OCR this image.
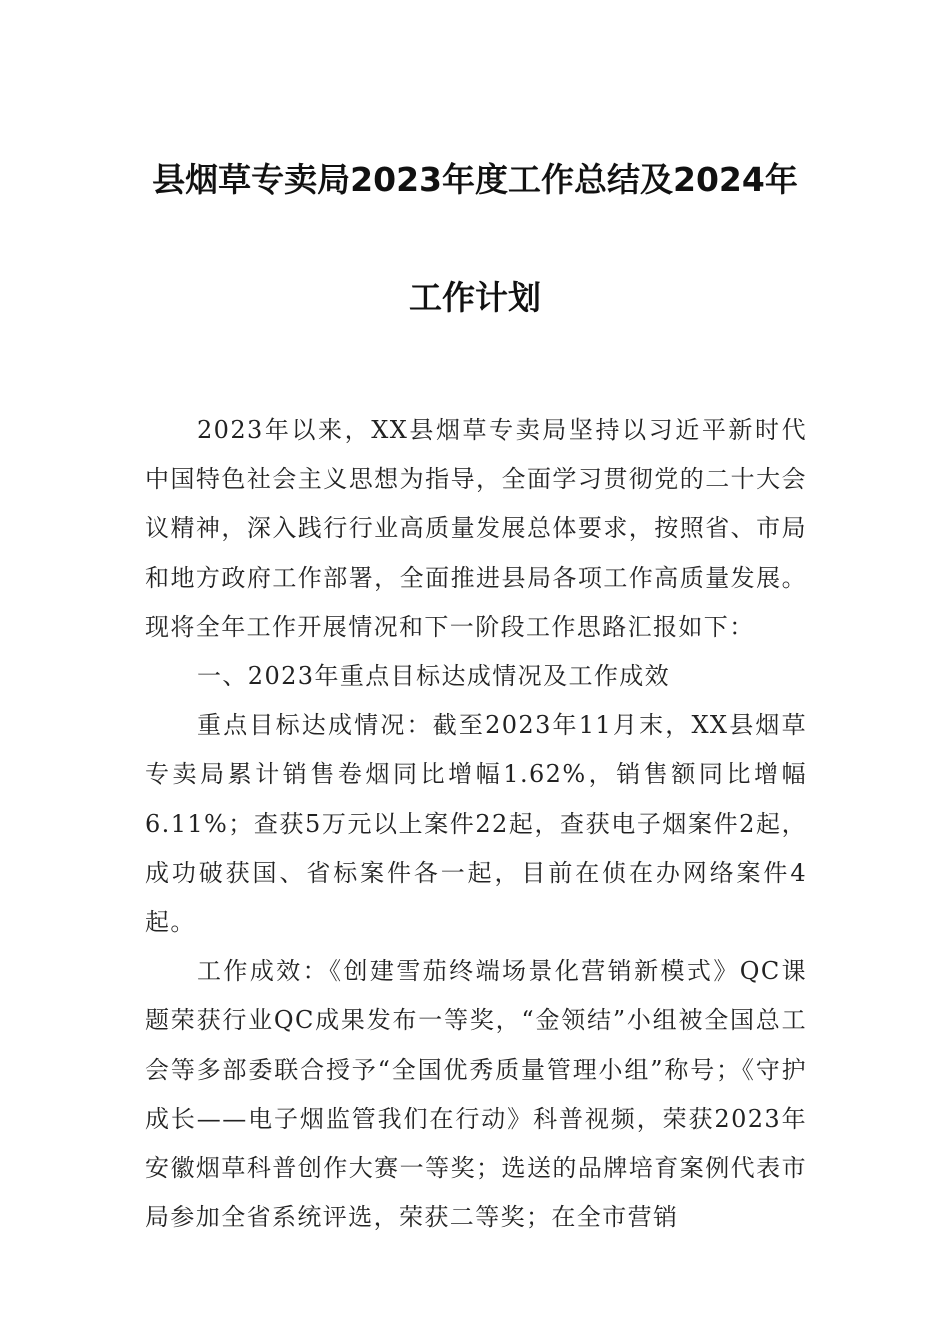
县烟草专卖局2023年度工作总结及2024年
工作计划

2023年以来，XX县烟草专卖局坚持以习近平新时代中国特色社会主义思想为指导，全面学习贯彻党的二十大会议精神，深入践行行业高质量发展总体要求，按照省、市局和地方政府工作部署，全面推进县局各项工作高质量发展。现将全年工作开展情况和下一阶段工作思路汇报如下：

一、2023年重点目标达成情况及工作成效

重点目标达成情况：截至2023年11月末，XX县烟草专卖局累计销售卷烟同比增幅1.62%，销售额同比增幅6.11%；查获5万元以上案件22起，查获电子烟案件2起，成功破获国、省标案件各一起，目前在侦在办网络案件4起。

工作成效：《创建雪茄终端场景化营销新模式》QC课题荣获行业QC成果发布一等奖，“金领结”小组被全国总工会等多部委联合授予“全国优秀质量管理小组”称号；《守护成长——电子烟监管我们在行动》科普视频，荣获2023年安徽烟草科普创作大赛一等奖；选送的品牌培育案例代表市局参加全省系统评选，荣获二等奖；在全市营销
